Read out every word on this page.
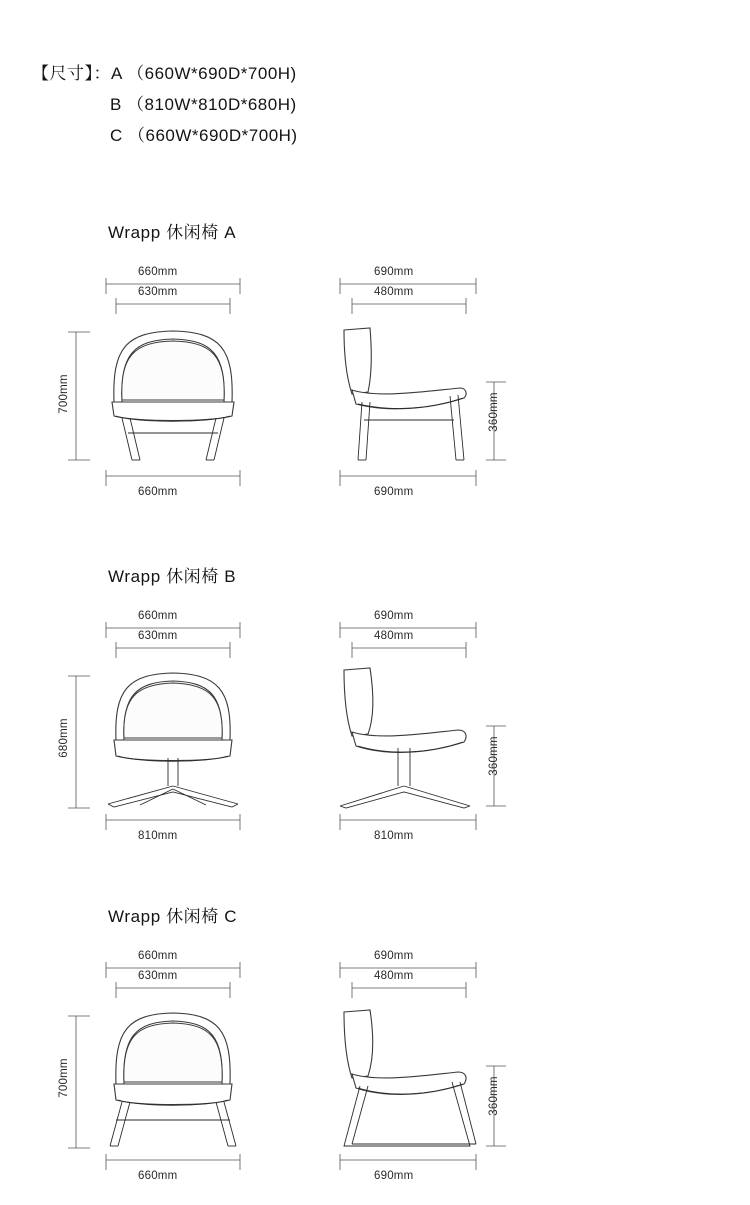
【尺寸】：A （660W*690D*700H)
B （810W*810D*680H)
C （660W*690D*700H)
Wrapp 休闲椅 A
660mm
630mm
700mm
660mm
690mm
480mm
360mm
690mm
Wrapp 休闲椅 B
660mm
630mm
680mm
810mm
690mm
480mm
360mm
810mm
Wrapp 休闲椅 C
660mm
630mm
700mm
660mm
690mm
480mm
360mm
690mm
